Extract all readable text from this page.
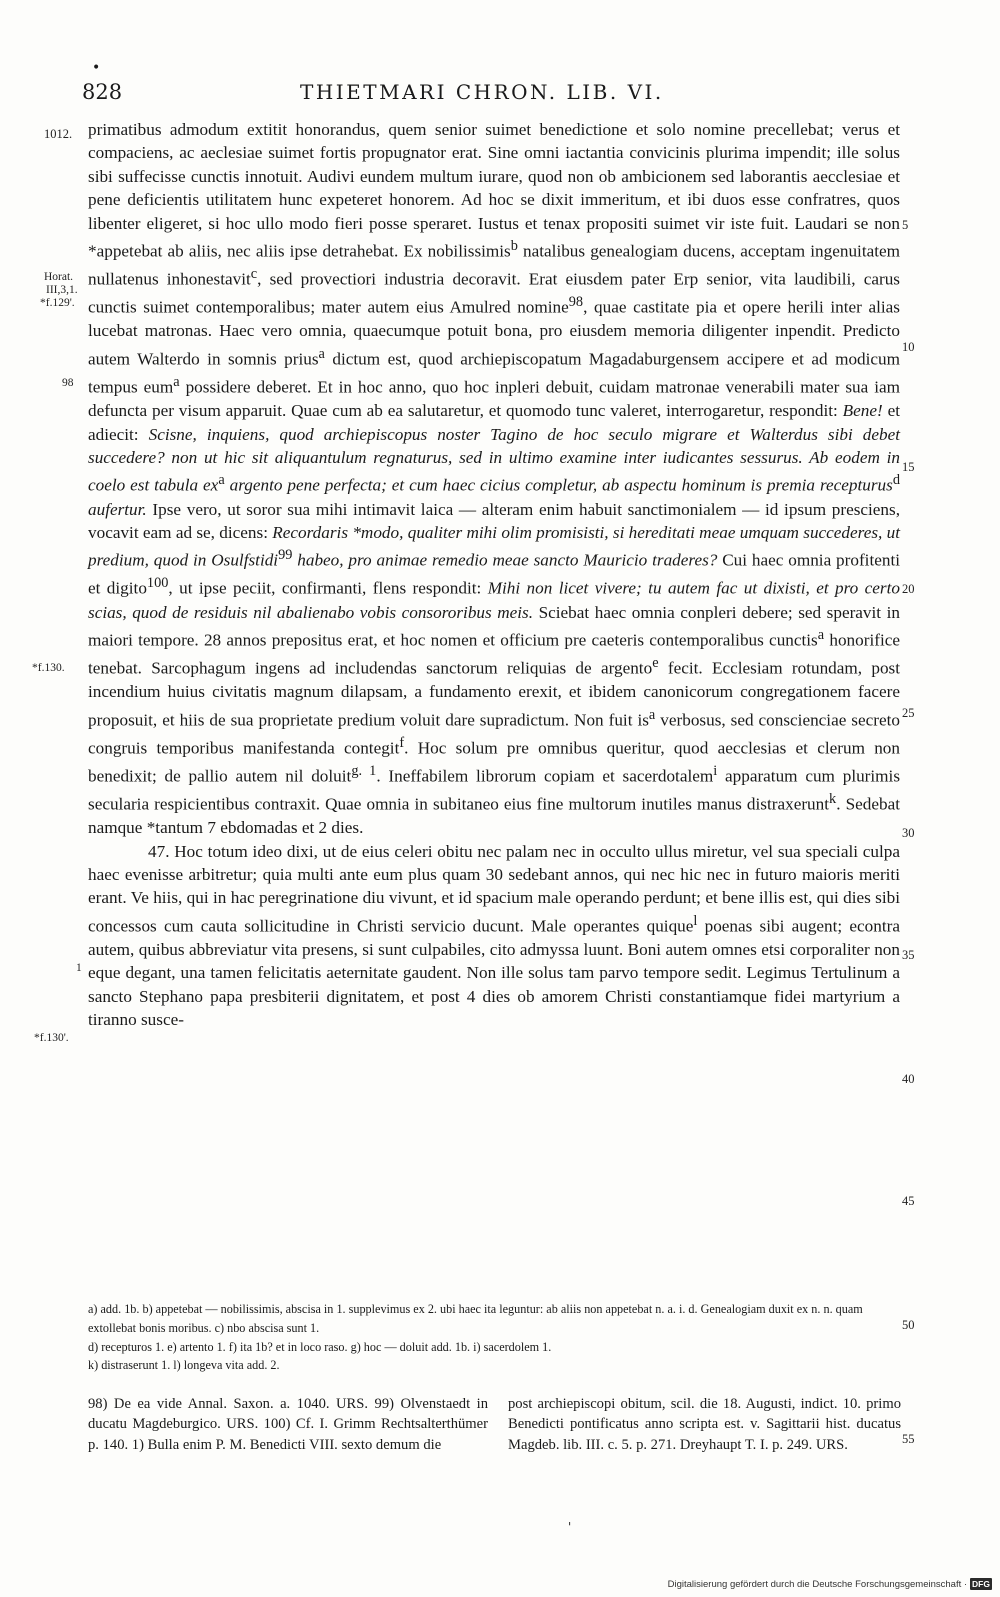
•
828	THIETMARI CHRON. LIB. VI.
1012.
Horat.
III,3,1.
*f.129'.
98
*f.130.
1
*f.130'.
5
10
15
20
25
30
35
40
45
50
55

primatibus admodum extitit honorandus, quem senior suimet benedictione et solo nomine precellebat; verus et compaciens, ac aeclesiae suimet fortis propugnator erat. Sine omni iactantia convicinis plurima impendit; ille solus sibi suffecisse cunctis innotuit. Audivi eundem multum iurare, quod non ob ambicionem sed laborantis aecclesiae et pene deficientis utilitatem hunc expeteret honorem. Ad hoc se dixit immeritum, et ibi duos esse confratres, quos libenter eligeret, si hoc ullo modo fieri posse speraret. Iustus et tenax propositi suimet vir iste fuit. Laudari se non *appetebat ab aliis, nec aliis ipse detrahebat. Ex nobilissimis$^b$ natalibus genealogiam ducens, acceptam ingenuitatem nullatenus inhonestavit$^c$, sed provectiori industria decoravit. Erat eiusdem pater Erp senior, vita laudibili, carus cunctis suimet contemporalibus; mater autem eius Amulred nomine$^{98}$, quae castitate pia et opere herili inter alias lucebat matronas. Haec vero omnia, quaecumque potuit bona, pro eiusdem memoria diligenter inpendit. Predicto autem Walterdo in somnis prius$^a$ dictum est, quod archiepiscopatum Magadaburgensem accipere et ad modicum tempus eum$^a$ possidere deberet. Et in hoc anno, quo hoc inpleri debuit, cuidam matronae venerabili mater sua iam defuncta per visum apparuit. Quae cum ab ea salutaretur, et quomodo tunc valeret, interrogaretur, respondit: Bene! et adiecit: Scisne, inquiens, quod archiepiscopus noster Tagino de hoc seculo migrare et Walterdus sibi debet succedere? non ut hic sit aliquantulum regnaturus, sed in ultimo examine inter iudicantes sessurus. Ab eodem in coelo est tabula $ex^a$ argento pene perfecta; et cum haec cicius completur, ab aspectu hominum is premia recepturus$^d$ aufertur. Ipse vero, ut soror sua mihi intimavit laica — alteram enim habuit sanctimonialem — id ipsum presciens, vocavit eam ad se, dicens: Recordaris *modo, qualiter mihi olim promisisti, si hereditati meae umquam succederes, ut predium, quod in Osulfstidi$^{99}$ habeo, pro animae remedio meae sancto Mauricio traderes? Cui haec omnia profitenti et digito$^{100}$, ut ipse peciit, confirmanti, flens respondit: Mihi non licet vivere; tu autem fac ut dixisti, et pro certo scias, quod de residuis nil abalienabo vobis consororibus meis. Sciebat haec omnia conpleri debere; sed speravit in maiori tempore. 28 annos prepositus erat, et hoc nomen et officium pre caeteris contemporalibus cunctis$^a$ honorifice tenebat. Sarcophagum ingens ad includendas sanctorum reliquias de argento$^e$ fecit. Ecclesiam rotundam, post incendium huius civitatis magnum dilapsam, a fundamento erexit, et ibidem canonicorum congregationem facere proposuit, et hiis de sua proprietate predium voluit dare supradictum. Non fuit $is^a$ verbosus, sed conscienciae secreto congruis temporibus manifestanda contegit$^f$. Hoc solum pre omnibus queritur, quod aecclesias et clerum non benedixit; de pallio autem nil doluit$^{g. 1}$. Ineffabilem librorum copiam et sacerdotalem$^i$ apparatum cum plurimis secularia respicientibus contraxit. Quae omnia in subitaneo eius fine multorum inutiles manus distraxerunt$^k$. Sedebat namque *tantum 7 ebdomadas et 2 dies.

47. Hoc totum ideo dixi, ut de eius celeri obitu nec palam nec in occulto ullus miretur, vel sua speciali culpa haec evenisse arbitretur; quia multi ante eum plus quam 30 sedebant annos, qui nec hic nec in futuro maioris meriti erant. Ve hiis, qui in hac peregrinatione diu vivunt, et id spacium male operando perdunt; et bene illis est, qui dies sibi concessos cum cauta sollicitudine in Christi servicio ducunt. Male operantes quique$^l$ poenas sibi augent; econtra autem, quibus abbreviatur vita presens, si sunt culpabiles, cito admyssa luunt. Boni autem omnes etsi corporaliter non eque degant, una tamen felicitatis aeternitate gaudent. Non ille solus tam parvo tempore sedit. Legimus Tertulinum a sancto Stephano papa presbiterii dignitatem, et post 4 dies ob amorem Christi constantiamque fidei martyrium a tiranno susce-

a) add. 1b. b) appetebat — nobilissimis, abscisa in 1. supplevimus ex 2. ubi haec ita leguntur: ab aliis non appetebat n. a. i. d. Genealogiam duxit ex n. n. quam extollebat bonis moribus. c) nbo abscisa sunt 1.

d) recepturos 1. e) artento 1. f) ita 1b? et in loco raso. g) hoc — doluit add. 1b. i) sacerdolem 1.

k) distraserunt 1. l) longeva vita add. 2.

98) De ea vide Annal. Saxon. a. 1040. URS. 99) Olvenstaedt in ducatu Magdeburgico. URS. 100) Cf. I. Grimm Rechtsalterthümer p. 140. 1) Bulla enim P. M. Benedicti VIII. sexto demum die

post archiepiscopi obitum, scil. die 18. Augusti, indict. 10. primo Benedicti pontificatus anno scripta est. v. Sagittarii hist. ducatus Magdeb. lib. III. c. 5. p. 271. Dreyhaupt T. I. p. 249. URS.

'
Digitalisierung gefördert durch die Deutsche Forschungsgemeinschaft · DFG
